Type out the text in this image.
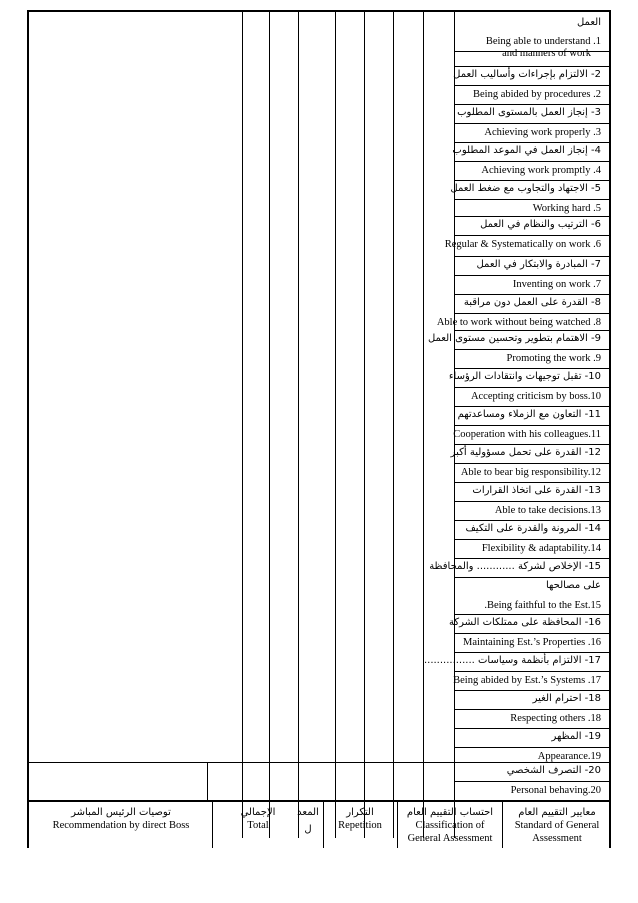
العمل
Being able to understand .1
and manners of work
2- الالتزام بإجراءات وأساليب العمل
Being abided by procedures .2
3- إنجاز العمل بالمستوى المطلوب
Achieving work properly .3
4- إنجاز العمل في الموعد المطلوب
Achieving work promptly .4
5- الاجتهاد والتجاوب مع ضغط العمل
Working hard .5
6- الترتيب والنظام في العمل
Regular & Systematically on work .6
7- المبادرة والابتكار في العمل
Inventing on work .7
8- القدرة على العمل دون مراقبة
Able to work without being watched .8
9- الاهتمام بتطوير وتحسين مستوى العمل
Promoting the work .9
10- تقبل توجيهات وانتقادات الرؤساء
Accepting criticism by boss.10
11- التعاون مع الزملاء ومساعدتهم
Cooperation with his colleagues.11
12- القدرة على تحمل مسؤولية أكبر
Able to bear big responsibility.12
13- القدرة على اتخاذ القرارات
Able to take decisions.13
14- المرونة والقدرة على التكيف
Flexibility & adaptability.14
15- الإخلاص لشركة ............ والمحافظة
على مصالحها
.Being faithful to the Est.15
16- المحافظة على ممتلكات الشركة
Maintaining Est.’s Properties .16
17- الالتزام بأنظمة وسياسات ................
Being abided by Est.’s Systems .17
18- احترام الغير
Respecting others .18
19- المظهر
Appearance.19
20- التصرف الشخصي
Personal behaving.20
معايير التقييم العام
Standard of General
Assessment
احتساب التقييم العام
Classification of
General Assessment
التكرار
Repetition
المعد
ل
الإجمالي
Total
توصيات الرئيس المباشر
Recommendation by direct Boss
